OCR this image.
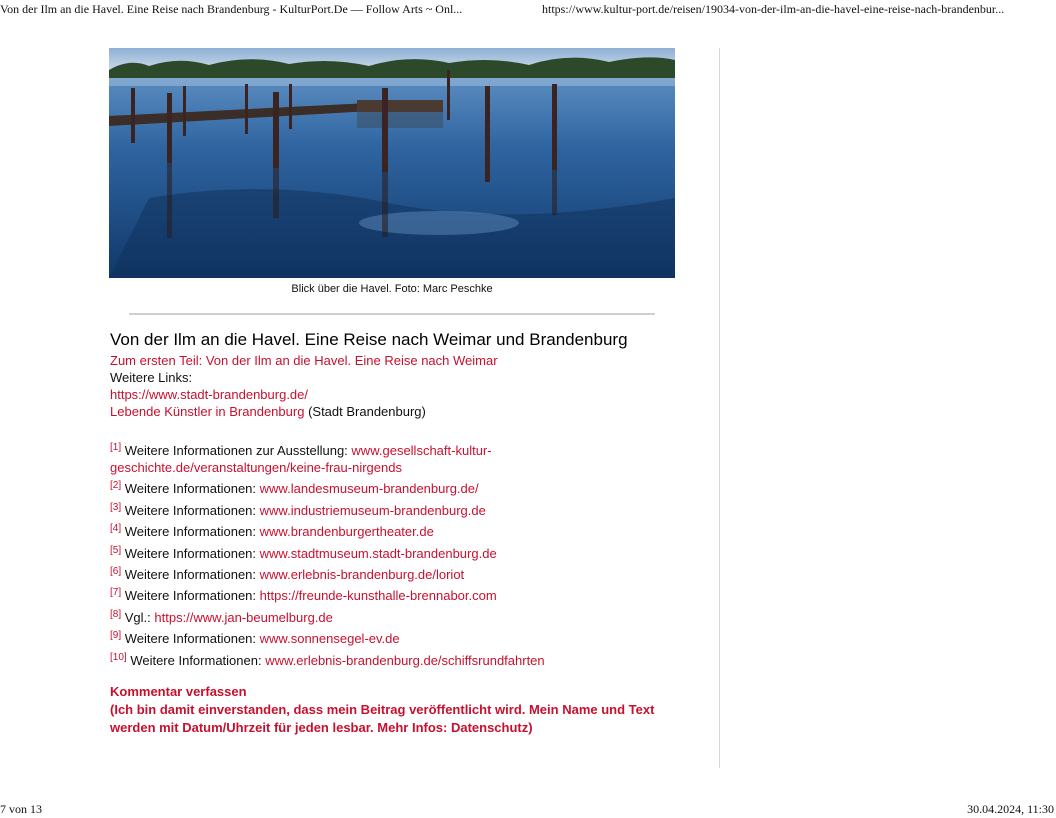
Von der Ilm an die Havel. Eine Reise nach Brandenburg - KulturPort.De — Follow Arts ~ Onl...	https://www.kultur-port.de/reisen/19034-von-der-ilm-an-die-havel-eine-reise-nach-brandenbur...
Blick über die Havel. Foto: Marc Peschke
Von der Ilm an die Havel. Eine Reise nach Weimar und Brandenburg
Zum ersten Teil: Von der Ilm an die Havel. Eine Reise nach Weimar
Weitere Links:
https://www.stadt-brandenburg.de/
Lebende Künstler in Brandenburg (Stadt Brandenburg)
[1] Weitere Informationen zur Ausstellung: www.gesellschaft-kultur-geschichte.de/veranstaltungen/keine-frau-nirgends
[2] Weitere Informationen: www.landesmuseum-brandenburg.de/
[3] Weitere Informationen: www.industriemuseum-brandenburg.de
[4] Weitere Informationen: www.brandenburgertheater.de
[5] Weitere Informationen: www.stadtmuseum.stadt-brandenburg.de
[6] Weitere Informationen: www.erlebnis-brandenburg.de/loriot
[7] Weitere Informationen: https://freunde-kunsthalle-brennabor.com
[8] Vgl.: https://www.jan-beumelburg.de
[9] Weitere Informationen: www.sonnensegel-ev.de
[10] Weitere Informationen: www.erlebnis-brandenburg.de/schiffsrundfahrten
Kommentar verfassen
(Ich bin damit einverstanden, dass mein Beitrag veröffentlicht wird. Mein Name und Text werden mit Datum/Uhrzeit für jeden lesbar. Mehr Infos: Datenschutz)
7 von 13	30.04.2024, 11:30
